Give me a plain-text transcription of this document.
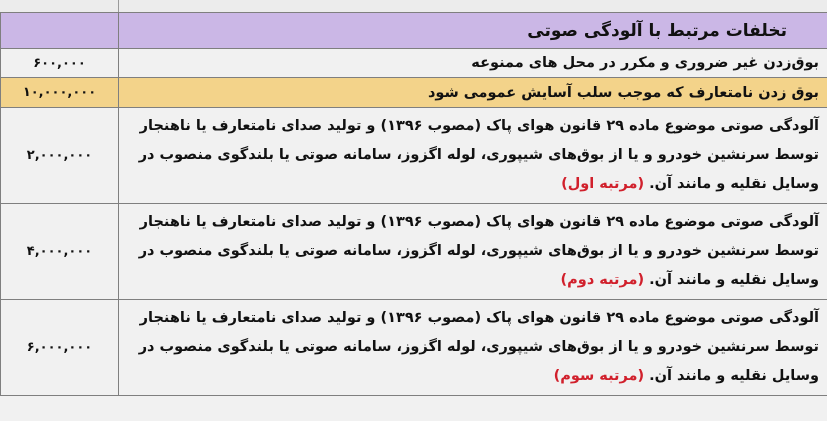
	تخلفات مرتبط با آلودگی صوتی
۶۰۰,۰۰۰	بوق‌زدن غیر ضروری و مکرر در محل های ممنوعه
۱۰,۰۰۰,۰۰۰	بوق زدن نامتعارف که موجب سلب آسایش عمومی شود
۲,۰۰۰,۰۰۰	آلودگی صوتی موضوع ماده ۲۹ قانون هوای پاک (مصوب ۱۳۹۶) و تولید صدای نامتعارف یا ناهنجار
توسط سرنشین خودرو و یا از بوق‌های شیپوری، لوله اگزوز، سامانه صوتی یا بلندگوی منصوب در
وسایل نقلیه و مانند آن. (مرتبه اول)

۴,۰۰۰,۰۰۰	آلودگی صوتی موضوع ماده ۲۹ قانون هوای پاک (مصوب ۱۳۹۶) و تولید صدای نامتعارف یا ناهنجار
توسط سرنشین خودرو و یا از بوق‌های شیپوری، لوله اگزوز، سامانه صوتی یا بلندگوی منصوب در
وسایل نقلیه و مانند آن. (مرتبه دوم)

۶,۰۰۰,۰۰۰	آلودگی صوتی موضوع ماده ۲۹ قانون هوای پاک (مصوب ۱۳۹۶) و تولید صدای نامتعارف یا ناهنجار
توسط سرنشین خودرو و یا از بوق‌های شیپوری، لوله اگزوز، سامانه صوتی یا بلندگوی منصوب در
وسایل نقلیه و مانند آن. (مرتبه سوم)
